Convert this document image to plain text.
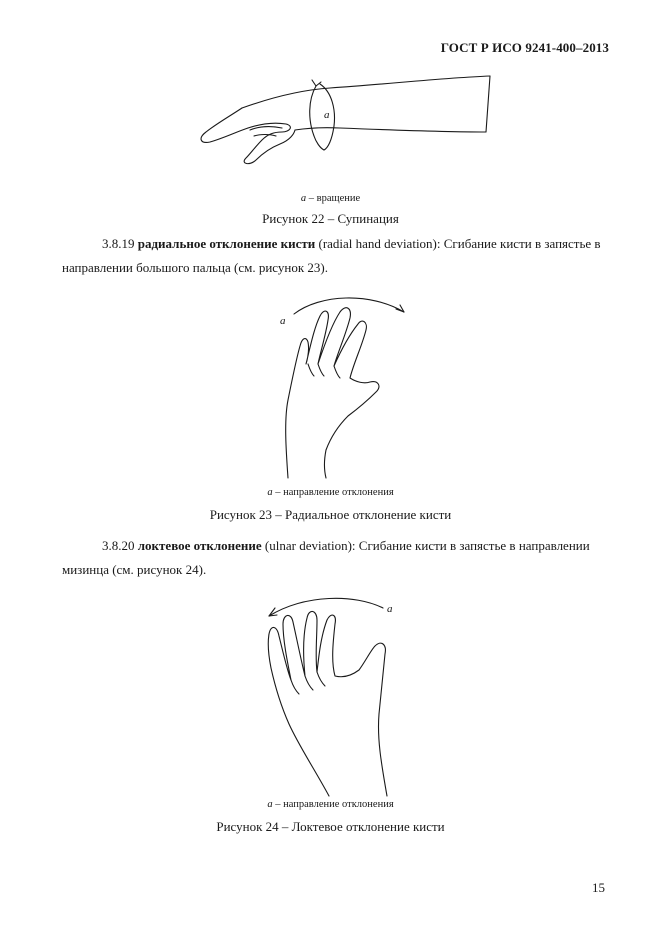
ГОСТ Р ИСО 9241-400–2013
a
a – вращение
Рисунок 22 – Супинация
3.8.19 радиальное отклонение кисти (radial hand deviation): Сгибание кисти в запястье в направлении большого пальца (см. рисунок 23).
a
a – направление отклонения
Рисунок 23 – Радиальное отклонение кисти
3.8.20 локтевое отклонение (ulnar deviation): Сгибание кисти в запястье в направлении мизинца (см. рисунок 24).
a
a – направление отклонения
Рисунок 24 – Локтевое отклонение кисти
15
